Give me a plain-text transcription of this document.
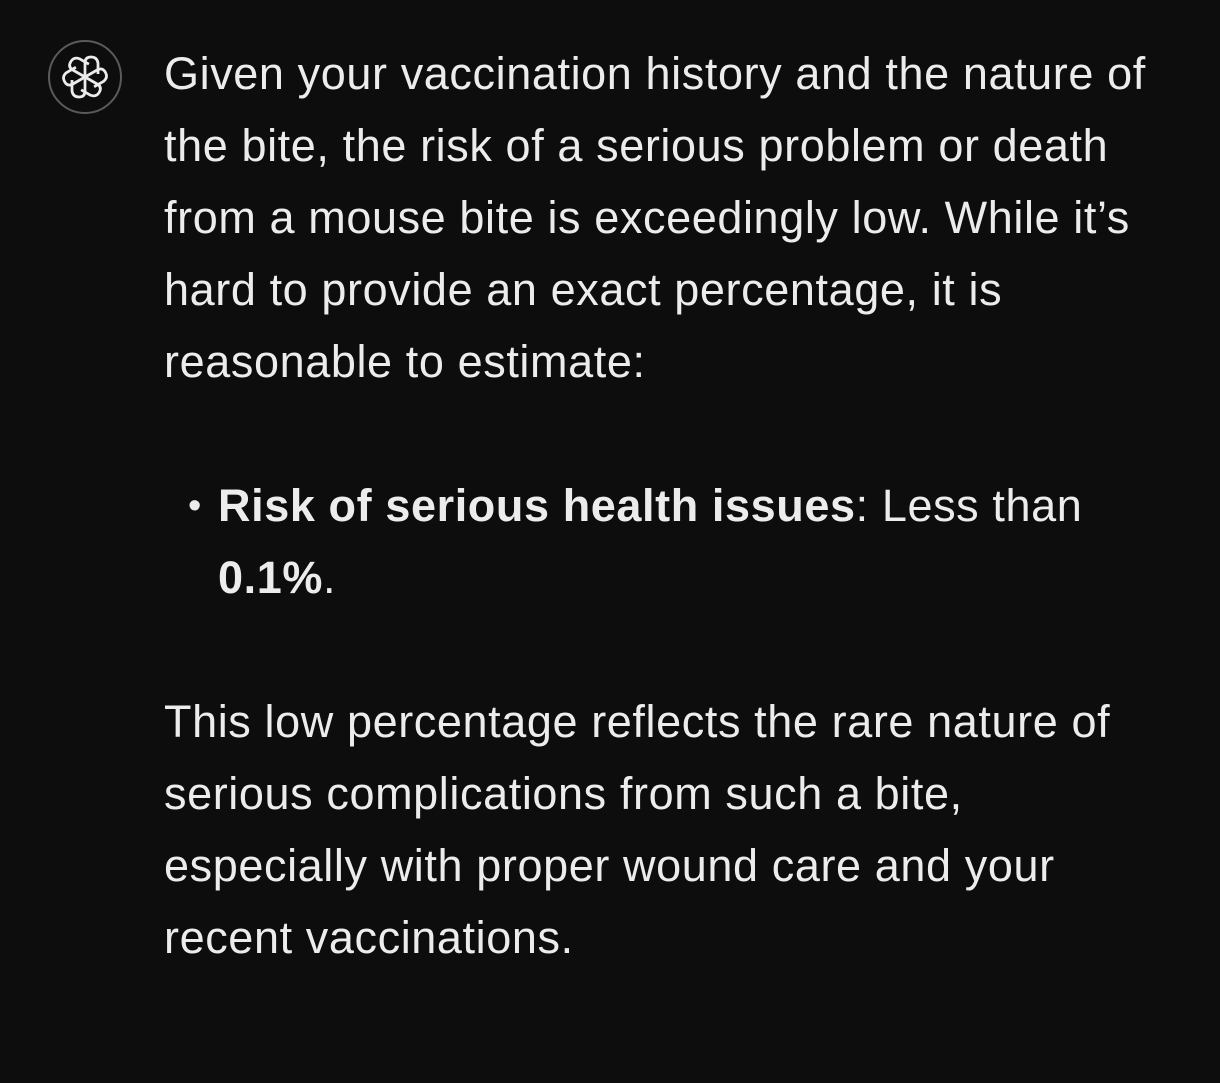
Given your vaccination history and the nature of the bite, the risk of a serious problem or death from a mouse bite is exceedingly low. While it’s hard to provide an exact percentage, it is reasonable to estimate:

• Risk of serious health issues: Less than 0.1%.

This low percentage reflects the rare nature of serious complications from such a bite, especially with proper wound care and your recent vaccinations.
